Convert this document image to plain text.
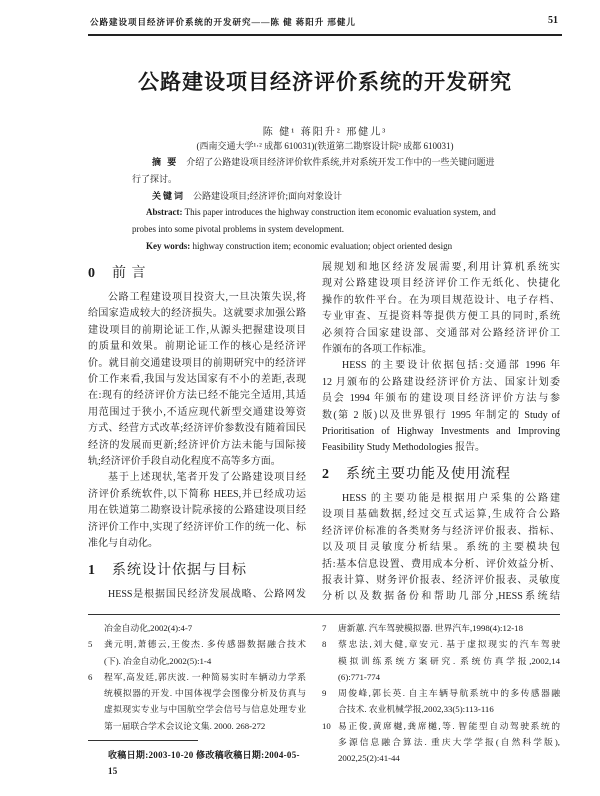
公路建设项目经济评价系统的开发研究——陈 健 蒋阳升 邢健儿	51
公路建设项目经济评价系统的开发研究
陈 健¹ 蒋阳升² 邢健儿³
(西南交通大学¹·² 成都 610031)(铁道第二勘察设计院³ 成都 610031)
摘 要 介绍了公路建设项目经济评价软件系统,并对系统开发工作中的一些关键问题进
行了探讨。
关键词 公路建设项目;经济评价;面向对象设计
Abstract: This paper introduces the highway construction item economic evaluation system, and
probes into some pivotal problems in system development.
Key words: highway construction item; economic evaluation; object oriented design
0 前 言
公路工程建设项目投资大,一旦决策失误,将
给国家造成较大的经济损失。这就要求加强公路
建设项目的前期论证工作,从源头把握建设项目
的质量和效果。前期论证工作的核心是经济评
价。就目前交通建设项目的前期研究中的经济评
价工作来看,我国与发达国家有不小的差距,表现
在:现有的经济评价方法已经不能完全适用,其适
用范围过于狭小,不适应现代新型交通建设筹资
方式、经营方式改革;经济评价参数没有随着国民
经济的发展而更新;经济评价方法未能与国际接
轨;经济评价手段自动化程度不高等多方面。
基于上述现状,笔者开发了公路建设项目经
济评价系统软件,以下简称 HEES,并已经成功运
用在铁道第二勘察设计院承接的公路建设项目经
济评价工作中,实现了经济评价工作的统一化、标
准化与自动化。
1 系统设计依据与目标
HESS是根据国民经济发展战略、公路网发
展规划和地区经济发展需要,利用计算机系统实
现对公路建设项目经济评价工作无纸化、快捷化
操作的软件平台。在为项目规范设计、电子存档、
专业审查、互提资料等提供方便工具的同时,系统
必须符合国家建设部、交通部对公路经济评价工
作颁布的各项工作标准。
HESS 的主要设计依据包括:交通部 1996 年
12 月颁布的公路建设经济评价方法、国家计划委
员会 1994 年颁布的建设项目经济评价方法与参
数(第 2 版)以及世界银行 1995 年制定的 Study of
Prioritisation of Highway Investments and Improving
Feasibility Study Methodologies 报告。
2 系统主要功能及使用流程
HESS 的主要功能是根据用户采集的公路建
设项目基础数据,经过交互式运算,生成符合公路
经济评价标准的各类财务与经济评价报表、指标、
以及项目灵敏度分析结果。系统的主要模块包
括:基本信息设置、费用成本分析、评价效益分析、
报表计算、财务评价报表、经济评价报表、灵敏度
分析以及数据备份和帮助几部分,HESS系统结
冶金自动化,2002(4):4-7
5	龚元明,萧德云,王俊杰. 多传感器数据融合技术
(下). 冶金自动化,2002(5):1-4
6	程军,高发廷,郭庆波. 一种简易实时车辆动力学系
统模拟器的开发. 中国体视学会图像分析及仿真与
虚拟现实专业与中国航空学会信号与信息处理专业
第一届联合学术会议论文集. 2000. 268-272
收稿日期:2003-10-20 修改稿收稿日期:2004-05-15
7	唐新蕙. 汽车驾驶模拟器. 世界汽车,1998(4):12-18
8	蔡忠法,刘大健,章安元. 基于虚拟现实的汽车驾驶
模拟训练系统方案研究. 系统仿真学报,2002,14
(6):771-774
9	周俊峰,郭长英. 自主车辆导航系统中的多传感器融
合技术. 农业机械学报,2002,33(5):113-116
10 易正俊,黄席樾,龚席樾,等. 智能型自动驾驶系统的
多源信息融合算法. 重庆大学学报(自然科学版),
2002,25(2):41-44
